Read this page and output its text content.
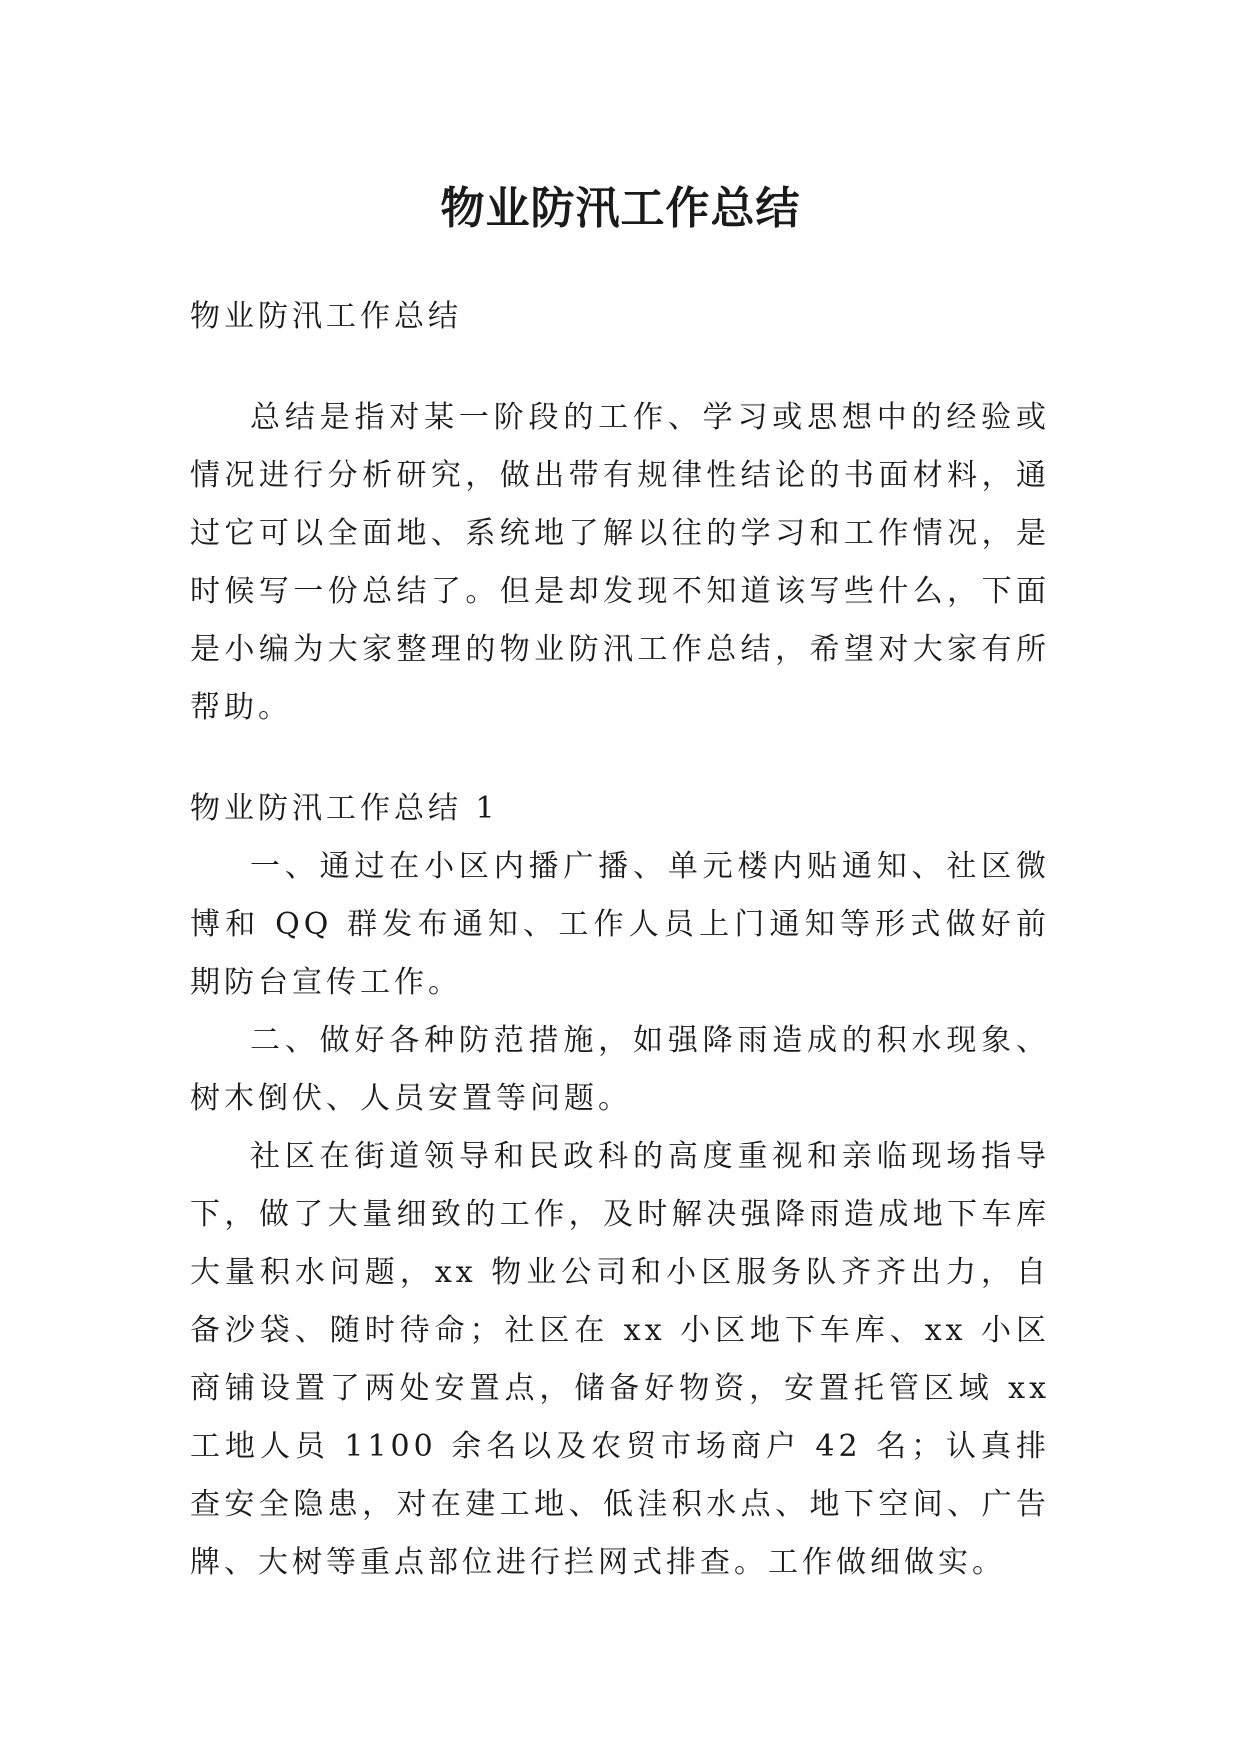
物业防汛工作总结

物业防汛工作总结

总结是指对某一阶段的工作、学习或思想中的经验或情况进行分析研究，做出带有规律性结论的书面材料，通过它可以全面地、系统地了解以往的学习和工作情况，是时候写一份总结了。但是却发现不知道该写些什么，下面是小编为大家整理的物业防汛工作总结，希望对大家有所帮助。

物业防汛工作总结 1

一、通过在小区内播广播、单元楼内贴通知、社区微博和 QQ 群发布通知、工作人员上门通知等形式做好前期防台宣传工作。

二、做好各种防范措施，如强降雨造成的积水现象、树木倒伏、人员安置等问题。

社区在街道领导和民政科的高度重视和亲临现场指导下，做了大量细致的工作，及时解决强降雨造成地下车库大量积水问题，xx 物业公司和小区服务队齐齐出力，自备沙袋、随时待命；社区在 xx 小区地下车库、xx 小区商铺设置了两处安置点，储备好物资，安置托管区域 xx 工地人员 1100 余名以及农贸市场商户 42 名；认真排查安全隐患，对在建工地、低洼积水点、地下空间、广告牌、大树等重点部位进行拦网式排查。工作做细做实。
